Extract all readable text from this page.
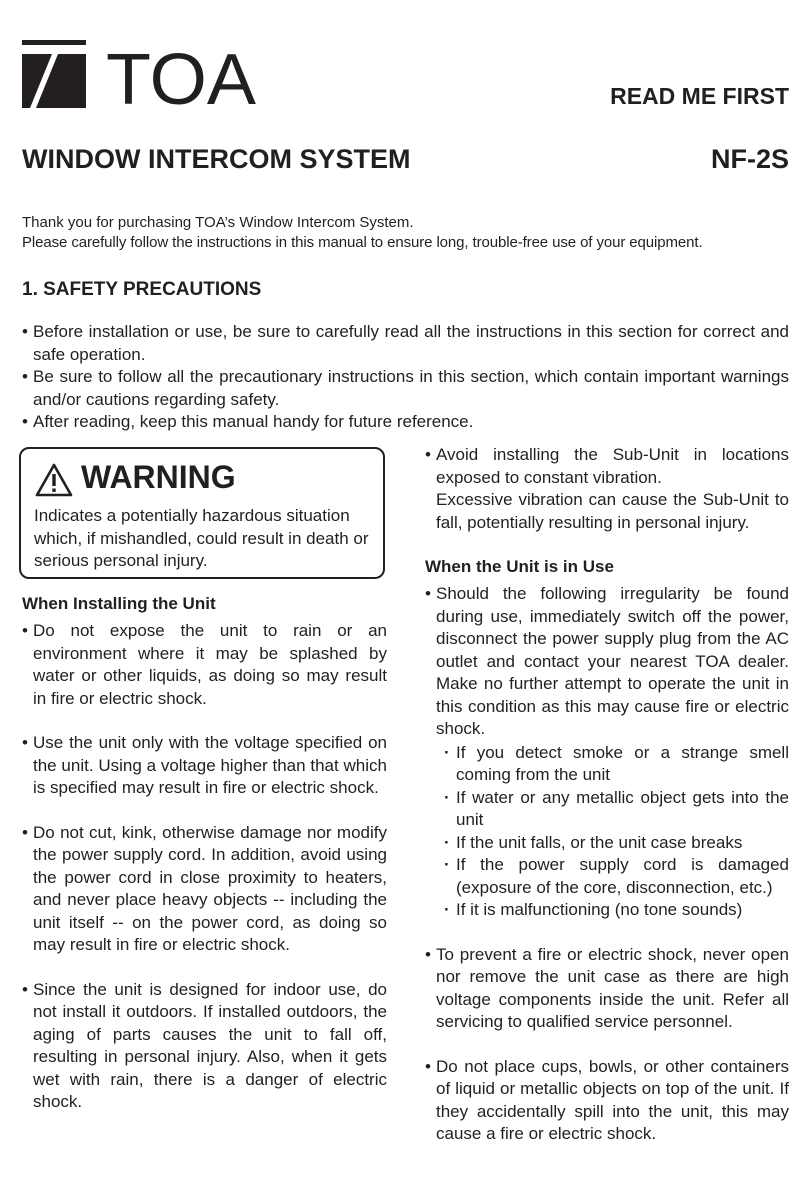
TOA	READ ME FIRST
WINDOW INTERCOM SYSTEM	NF-2S
Thank you for purchasing TOA’s Window Intercom System.
Please carefully follow the instructions in this manual to ensure long, trouble-free use of your equipment.
1. SAFETY PRECAUTIONS
• Before installation or use, be sure to carefully read all the instructions in this section for correct and safe operation.
• Be sure to follow all the precautionary instructions in this section, which contain important warnings and/or cautions regarding safety.
• After reading, keep this manual handy for future reference.
WARNING
Indicates a potentially hazardous situation which, if mishandled, could result in death or serious personal injury.
When Installing the Unit
• Do not expose the unit to rain or an environment where it may be splashed by water or other liquids, as doing so may result in fire or electric shock.
• Use the unit only with the voltage specified on the unit. Using a voltage higher than that which is specified may result in fire or electric shock.
• Do not cut, kink, otherwise damage nor modify the power supply cord. In addition, avoid using the power cord in close proximity to heaters, and never place heavy objects -- including the unit itself -- on the power cord, as doing so may result in fire or electric shock.
• Since the unit is designed for indoor use, do not install it outdoors. If installed outdoors, the aging of parts causes the unit to fall off, resulting in personal injury. Also, when it gets wet with rain, there is a danger of electric shock.
• Avoid installing the Sub-Unit in locations exposed to constant vibration.
Excessive vibration can cause the Sub-Unit to fall, potentially resulting in personal injury.
When the Unit is in Use
• Should the following irregularity be found during use, immediately switch off the power, disconnect the power supply plug from the AC outlet and contact your nearest TOA dealer. Make no further attempt to operate the unit in this condition as this may cause fire or electric shock.
· If you detect smoke or a strange smell coming from the unit
· If water or any metallic object gets into the unit
· If the unit falls, or the unit case breaks
· If the power supply cord is damaged (exposure of the core, disconnection, etc.)
· If it is malfunctioning (no tone sounds)
• To prevent a fire or electric shock, never open nor remove the unit case as there are high voltage components inside the unit. Refer all servicing to qualified service personnel.
• Do not place cups, bowls, or other containers of liquid or metallic objects on top of the unit. If they accidentally spill into the unit, this may cause a fire or electric shock.
